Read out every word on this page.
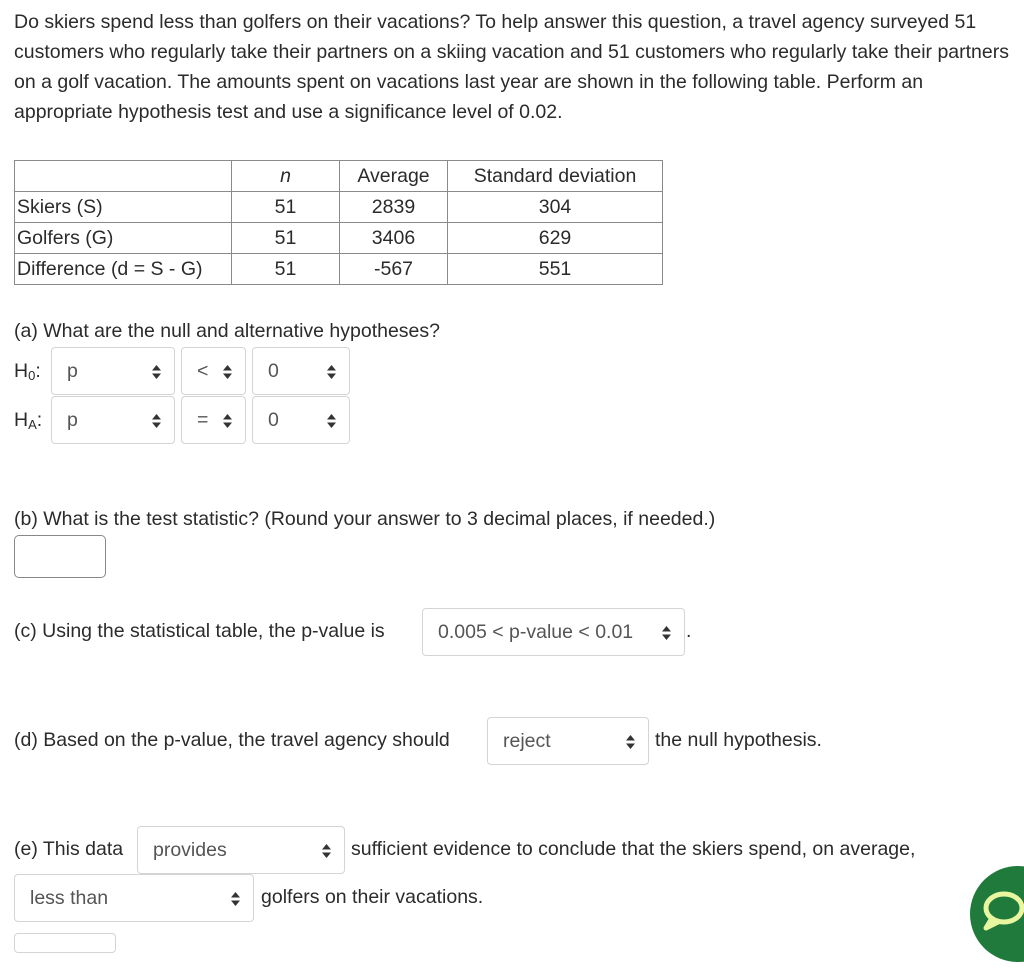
Do skiers spend less than golfers on their vacations? To help answer this question, a travel agency surveyed 51 customers who regularly take their partners on a skiing vacation and 51 customers who regularly take their partners on a golf vacation. The amounts spent on vacations last year are shown in the following table. Perform an appropriate hypothesis test and use a significance level of 0.02.

	n	Average	Standard deviation
Skiers (S)	51	2839	304
Golfers (G)	51	3406	629
Difference (d = S - G)	51	-567	551
(a) What are the null and alternative hypotheses?
$H_0$:	p	<	0
$H_A$:	p	=	0
(b) What is the test statistic? (Round your answer to 3 decimal places, if needed.)
(c) Using the statistical table, the p-value is	0.005 < p-value < 0.01	.
(d) Based on the p-value, the travel agency should	reject	the null hypothesis.
(e) This data	provides	sufficient evidence to conclude that the skiers spend, on average,
less than	golfers on their vacations.
